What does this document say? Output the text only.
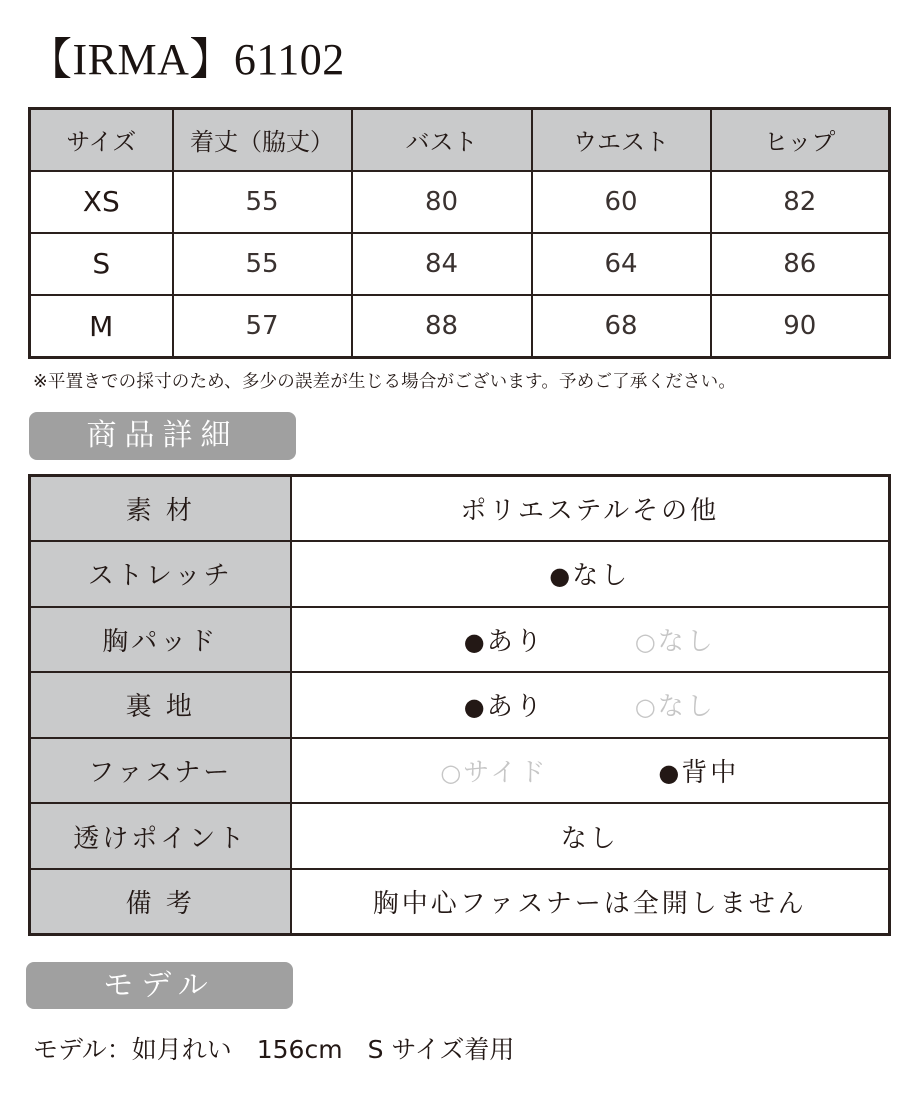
【IRMA】61102
サイズ	着丈（脇丈）	バスト	ウエスト	ヒップ
XS	55	80	60	82
S	55	84	64	86
M	57	88	68	90
※平置きでの採寸のため、多少の誤差が生じる場合がございます。予めご了承ください。
商品詳細
素 材	ポリエステルその他
ストレッチ	●なし
胸パッド	●あり ○なし
裏 地	●あり ○なし
ファスナー	○サイド ●背中
透けポイント	なし
備 考	胸中心ファスナーは全開しません
モデル
モデル：如月れい　156cm　S サイズ着用
